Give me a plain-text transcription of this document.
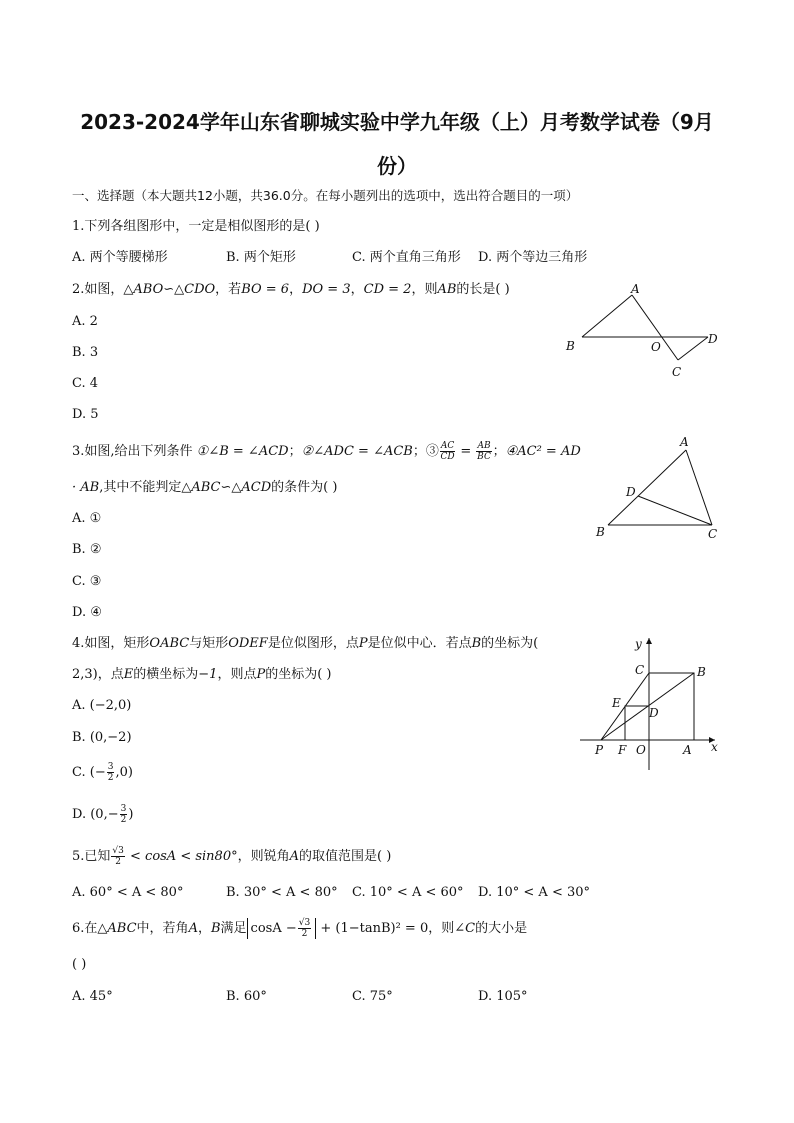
2023-2024学年山东省聊城实验中学九年级（上）月考数学试卷（9月
份）
一、选择题（本大题共12小题，共36.0分。在每小题列出的选项中，选出符合题目的一项）
1.下列各组图形中，一定是相似图形的是( )
A. 两个等腰梯形	B. 两个矩形	C. 两个直角三角形 D. 两个等边三角形
2.如图，△ABO∽△CDO，若BO = 6，DO = 3，CD = 2，则AB的长是( )
A. 2
B. 3
C. 4
D. 5
A
B	O
D
C
3.如图,给出下列条件 ①∠B = ∠ACD；②∠ADC = ∠ACB；③ $\frac{AC}{CD} = \frac{AB}{BC}$ ；④AC² = AD
· AB,其中不能判定△ABC∽△ACD的条件为( )
A. ①
B. ②
C. ③
D. ④
A
D
B	C
4.如图，矩形OABC与矩形ODEF是位似图形，点P是位似中心．若点B的坐标为(
2,3)，点E的横坐标为−1，则点P的坐标为( )
A. (−2,0)
B. (0,−2)
C. (− $\frac{3}{2} ,0$)
D. ($0,- \frac{3}{2}$ )
y
x
C	B
E
D
P F O	A
5.已知 $\frac{√3}{2} < \cos A < \sin 80^\circ$，则锐角A的取值范围是( )
A. 60° < A < 80°	B. 30° < A < 80° C. 10° < A < 60° D. 10° < A < 30°
6.在△ABC中，若角A，B满足 $\cos A - \frac{√3}{2} + (1-\tan B)^2 = 0$，则∠C的大小是
( )
A. 45°	B. 60°	C. 75°	D. 105°
